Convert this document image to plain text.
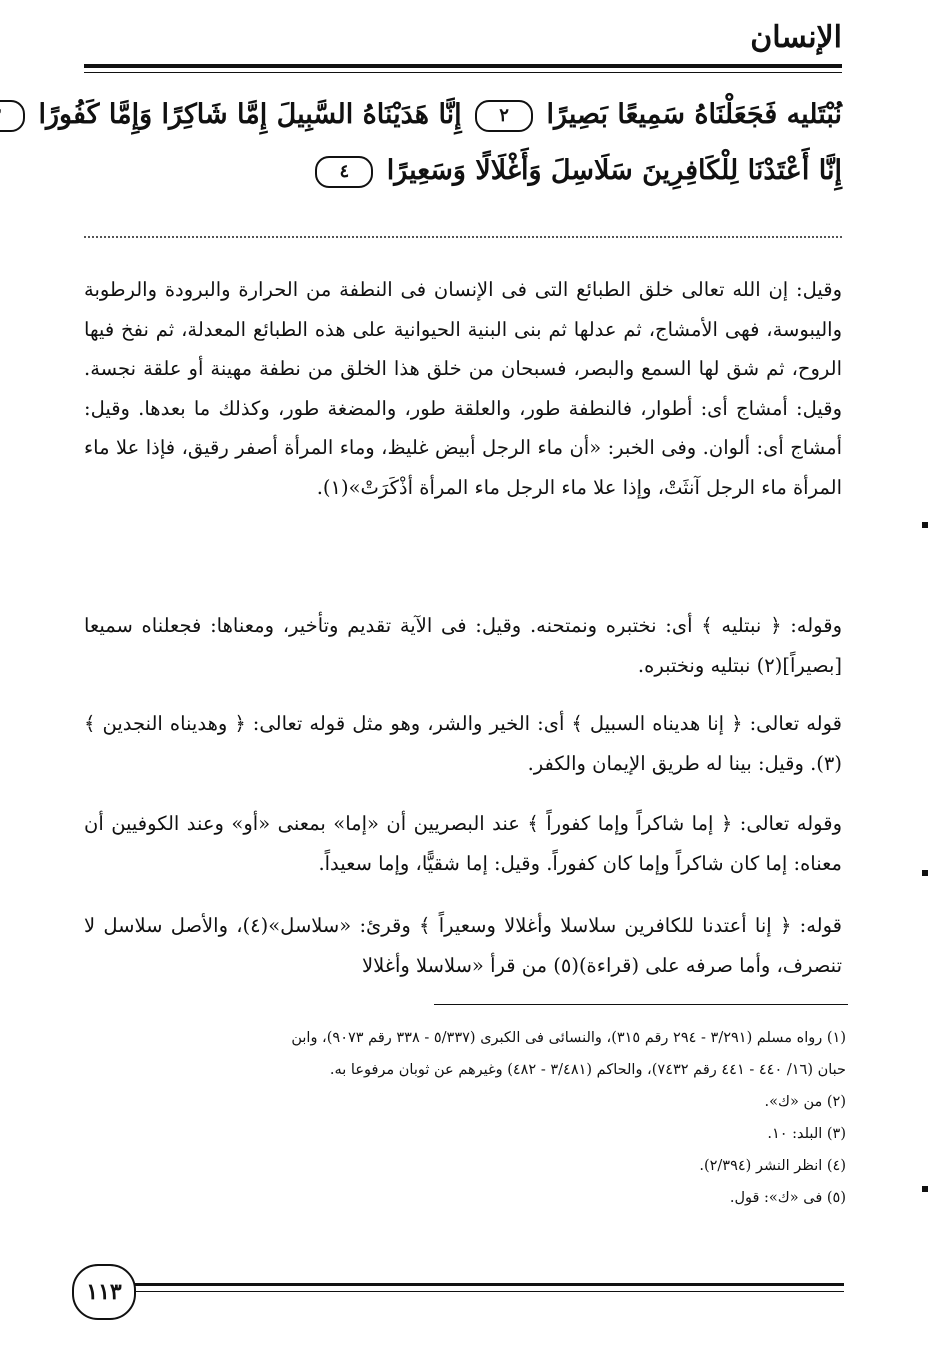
الإنسان
نُبْتَليه فَجَعَلْنَاهُ سَمِيعًا بَصِيرًا ٢ إِنَّا هَدَيْنَاهُ السَّبِيلَ إِمَّا شَاكِرًا وَإِمَّا كَفُورًا
إِنَّا أَعْتَدْنَا لِلْكَافِرِينَ سَلَاسِلَ وَأَغْلَالًا وَسَعِيرًا ٤

وقيل: إن الله تعالى خلق الطبائع التى فى الإنسان فى النطفة من الحرارة والبرودة والرطوبة واليبوسة، فهى الأمشاج، ثم عدلها ثم بنى البنية الحيوانية على هذه الطبائع المعدلة، ثم نفخ فيها الروح، ثم شق لها السمع والبصر، فسبحان من خلق هذا الخلق من نطفة مهينة أو علقة نجسة. وقيل: أمشاج أى: أطوار، فالنطفة طور، والعلقة طور، والمضغة طور، وكذلك ما بعدها. وقيل: أمشاج أى: ألوان. وفى الخبر: «أن ماء الرجل أبيض غليظ، وماء المرأة أصفر رقيق، فإذا علا ماء المرأة ماء الرجل آنثَتْ، وإذا علا ماء الرجل ماء المرأة أذْكَرَتْ»(١).

وقوله: ﴿ نبتليه ﴾ أى: نختبره ونمتحنه. وقيل: فى الآية تقديم وتأخير، ومعناها: فجعلناه سميعا [بصيراً](٢) نبتليه ونختبره.

قوله تعالى: ﴿ إنا هديناه السبيل ﴾ أى: الخير والشر، وهو مثل قوله تعالى: ﴿ وهديناه النجدين ﴾(٣). وقيل: بينا له طريق الإيمان والكفر.

وقوله تعالى: ﴿ إما شاكراً وإما كفوراً ﴾ عند البصريين أن «إما» بمعنى «أو» وعند الكوفيين أن معناه: إما كان شاكراً وإما كان كفوراً. وقيل: إما شقيًّا، وإما سعيداً.

قوله: ﴿ إنا أعتدنا للكافرين سلاسلا وأغلالا وسعيراً ﴾ وقرئ: «سلاسل»(٤)، والأصل سلاسل لا تنصرف، وأما صرفه على (قراءة)(٥) من قرأ «سلاسلا وأغلالا

(١) رواه مسلم (٣/٢٩١ - ٢٩٤ رقم ٣١٥)، والنسائى فى الكبرى (٥/٣٣٧ - ٣٣٨ رقم ٩٠٧٣)، وابن

حبان (١٦/ ٤٤٠ - ٤٤١ رقم ٧٤٣٢)، والحاكم (٣/٤٨١ - ٤٨٢) وغيرهم عن ثوبان مرفوعا به.

(٢) من «ك».

(٣) البلد: ١٠.

(٤) انظر النشر (٢/٣٩٤).

(٥) فى «ك»: قول.

١١٣
